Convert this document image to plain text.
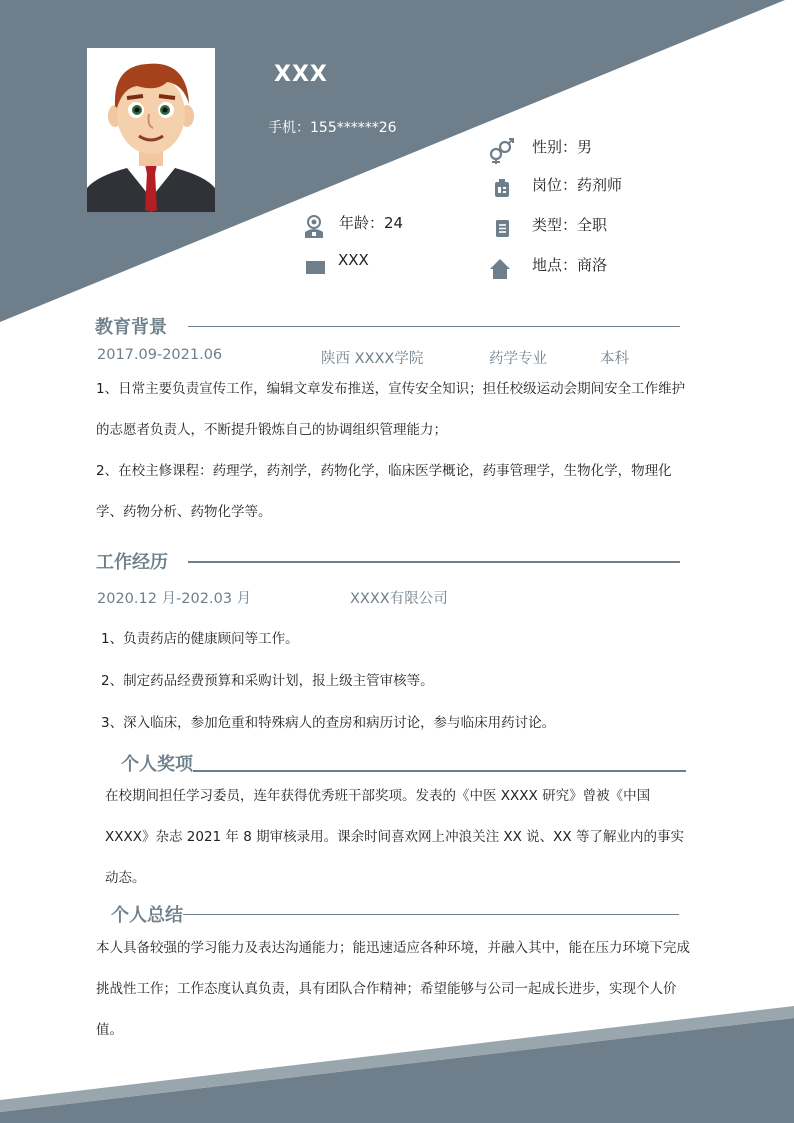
XXX
手机：155******26
性别：男
岗位：药剂师
年龄：24	类型：全职
XXX	地点：商洛
教育背景
2017.09-2021.06	陕西 XXXX学院	药学专业	本科
1、日常主要负责宣传工作，编辑文章发布推送，宣传安全知识；担任校级运动会期间安全工作维护的志愿者负责人，不断提升锻炼自己的协调组织管理能力；
2、在校主修课程：药理学，药剂学，药物化学，临床医学概论，药事管理学，生物化学，物理化学、药物分析、药物化学等。
工作经历
2020.12 月-202.03 月	XXXX有限公司
1、负责药店的健康顾问等工作。
2、制定药品经费预算和采购计划，报上级主管审核等。
3、深入临床，参加危重和特殊病人的查房和病历讨论，参与临床用药讨论。
个人奖项
在校期间担任学习委员，连年获得优秀班干部奖项。发表的《中医 XXXX 研究》曾被《中国 XXXX》杂志 2021 年 8 期审核录用。课余时间喜欢网上冲浪关注 XX 说、XX 等了解业内的事实动态。
个人总结
本人具备较强的学习能力及表达沟通能力；能迅速适应各种环境，并融入其中，能在压力环境下完成挑战性工作；工作态度认真负责，具有团队合作精神；希望能够与公司一起成长进步，实现个人价值。
